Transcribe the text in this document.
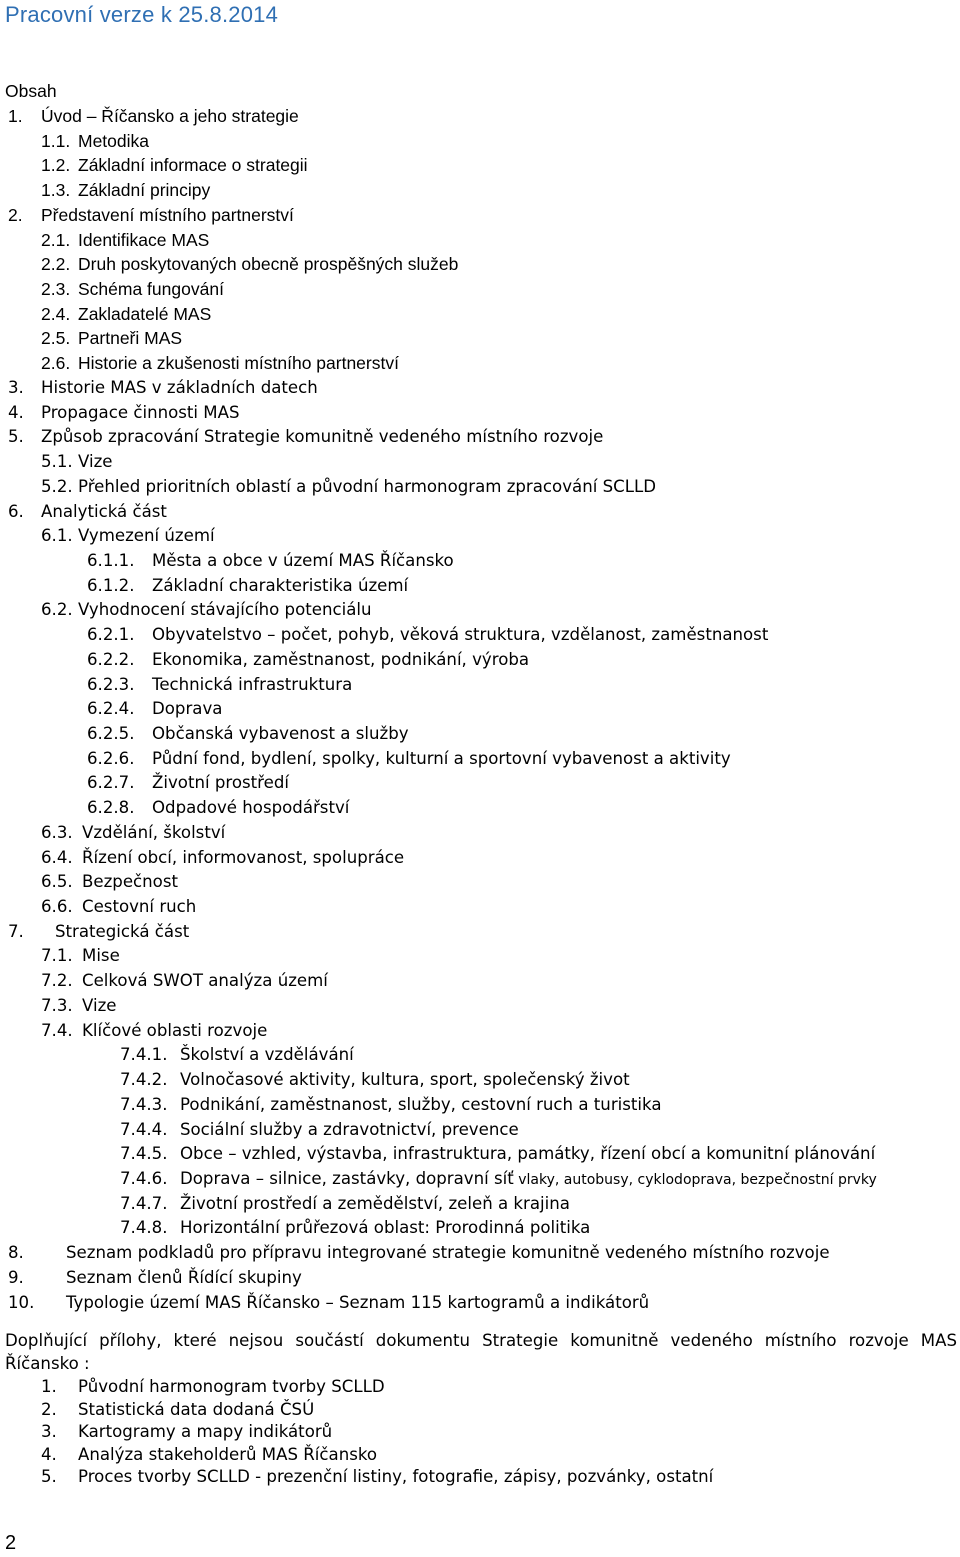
Pracovní verze k 25.8.2014
Obsah
1. Úvod – Říčansko a jeho strategie
1.1. Metodika
1.2. Základní informace o strategii
1.3. Základní principy
2. Představení místního partnerství
2.1. Identifikace MAS
2.2. Druh poskytovaných obecně prospěšných služeb
2.3. Schéma fungování
2.4. Zakladatelé MAS
2.5. Partneři MAS
2.6. Historie a zkušenosti místního partnerství
3. Historie MAS v základních datech
4. Propagace činnosti MAS
5. Způsob zpracování Strategie komunitně vedeného místního rozvoje
5.1. Vize
5.2. Přehled prioritních oblastí a původní harmonogram zpracování SCLLD
6. Analytická část
6.1. Vymezení území
6.1.1. Města a obce v území MAS Říčansko
6.1.2. Základní charakteristika území
6.2. Vyhodnocení stávajícího potenciálu
6.2.1. Obyvatelstvo – počet, pohyb, věková struktura, vzdělanost, zaměstnanost
6.2.2. Ekonomika, zaměstnanost, podnikání, výroba
6.2.3. Technická infrastruktura
6.2.4. Doprava
6.2.5. Občanská vybavenost a služby
6.2.6. Půdní fond, bydlení, spolky, kulturní a sportovní vybavenost a aktivity
6.2.7. Životní prostředí
6.2.8. Odpadové hospodářství
6.3. Vzdělání, školství
6.4. Řízení obcí, informovanost, spolupráce
6.5. Bezpečnost
6.6. Cestovní ruch
7. Strategická část
7.1. Mise
7.2. Celková SWOT analýza území
7.3. Vize
7.4. Klíčové oblasti rozvoje
7.4.1. Školství a vzdělávání
7.4.2. Volnočasové aktivity, kultura, sport, společenský život
7.4.3. Podnikání, zaměstnanost, služby, cestovní ruch a turistika
7.4.4. Sociální služby a zdravotnictví, prevence
7.4.5. Obce – vzhled, výstavba, infrastruktura, památky, řízení obcí a komunitní plánování
7.4.6. Doprava – silnice, zastávky, dopravní síť vlaky, autobusy, cyklodoprava, bezpečnostní prvky
7.4.7. Životní prostředí a zemědělství, zeleň a krajina
7.4.8. Horizontální průřezová oblast: Prorodinná politika
8.	Seznam podkladů pro přípravu integrované strategie komunitně vedeného místního rozvoje
9.	Seznam členů Řídící skupiny
10. Typologie území MAS Říčansko – Seznam 115 kartogramů a indikátorů
Doplňující přílohy, které nejsou součástí dokumentu Strategie komunitně vedeného místního rozvoje MAS Říčansko :
1. Původní harmonogram tvorby SCLLD
2. Statistická data dodaná ČSÚ
3. Kartogramy a mapy indikátorů
4. Analýza stakeholderů MAS Říčansko
5. Proces tvorby SCLLD - prezenční listiny, fotografie, zápisy, pozvánky, ostatní
2
